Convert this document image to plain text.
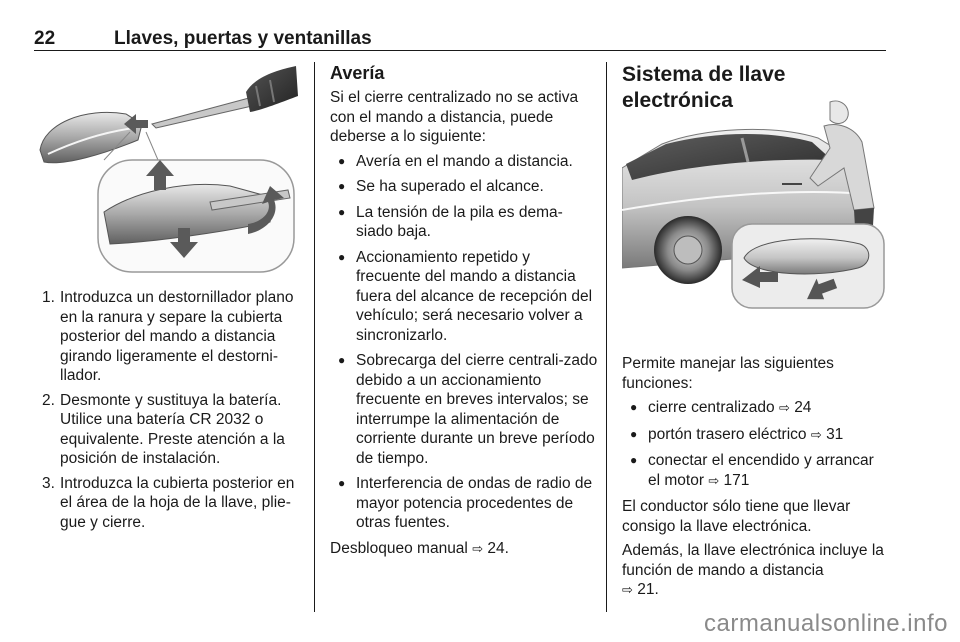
22	Llaves, puertas y ventanillas
1. Introduzca un destornillador plano en la ranura y separe la cubierta posterior del mando a distancia girando ligeramente el destorni-llador.
2. Desmonte y sustituya la batería. Utilice una batería CR 2032 o equivalente. Preste atención a la posición de instalación.
3. Introduzca la cubierta posterior en el área de la hoja de la llave, plie-gue y cierre.
Avería

Si el cierre centralizado no se activa con el mando a distancia, puede deberse a lo siguiente:

● Avería en el mando a distancia.
● Se ha superado el alcance.
● La tensión de la pila es dema-siado baja.
● Accionamiento repetido y frecuente del mando a distancia fuera del alcance de recepción del vehículo; será necesario volver a sincronizarlo.
● Sobrecarga del cierre centrali-zado debido a un accionamiento frecuente en breves intervalos; se interrumpe la alimentación de corriente durante un breve período de tiempo.
● Interferencia de ondas de radio de mayor potencia procedentes de otras fuentes.

Desbloqueo manual ⇨ 24.

Sistema de llave electrónica

Permite manejar las siguientes funciones:

● cierre centralizado ⇨ 24
● portón trasero eléctrico ⇨ 31
● conectar el encendido y arrancar el motor ⇨ 171

El conductor sólo tiene que llevar consigo la llave electrónica.

Además, la llave electrónica incluye la función de mando a distancia
⇨ 21.

carmanualsonline.info
